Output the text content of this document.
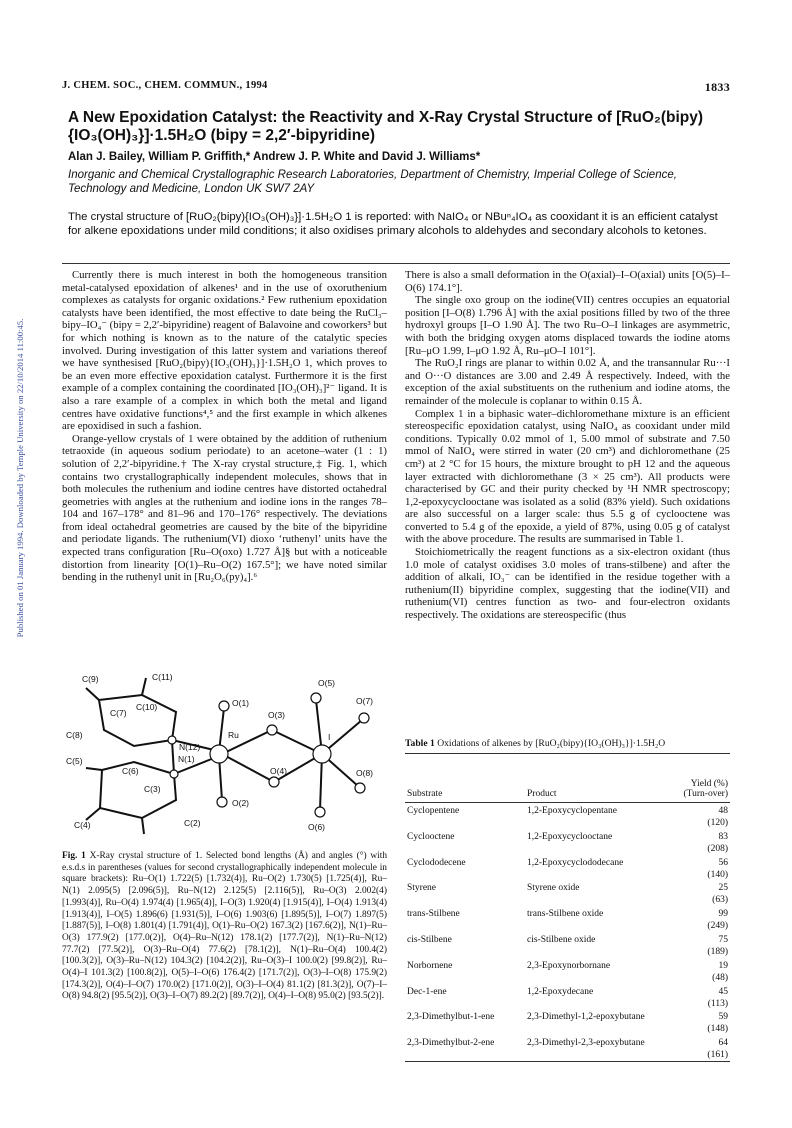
J. CHEM. SOC., CHEM. COMMUN., 1994	1833
A New Epoxidation Catalyst: the Reactivity and X-Ray Crystal Structure of [RuO₂(bipy){IO₃(OH)₃}]·1.5H₂O (bipy = 2,2′-bipyridine)
Alan J. Bailey, William P. Griffith,* Andrew J. P. White and David J. Williams*
Inorganic and Chemical Crystallographic Research Laboratories, Department of Chemistry, Imperial College of Science, Technology and Medicine, London UK SW7 2AY
The crystal structure of [RuO₂(bipy){IO₃(OH)₃}]·1.5H₂O 1 is reported: with NaIO₄ or NBuⁿ₄IO₄ as cooxidant it is an efficient catalyst for alkene epoxidations under mild conditions; it also oxidises primary alcohols to aldehydes and secondary alcohols to ketones.
Published on 01 January 1994. Downloaded by Temple University on 22/10/2014 11:00:45.

Currently there is much interest in both the homogeneous transition metal-catalysed epoxidation of alkenes¹ and in the use of oxoruthenium complexes as catalysts for organic oxidations.² Few ruthenium epoxidation catalysts have been identified, the most effective to date being the RuCl₃–bipy–IO₄⁻ (bipy = 2,2′-bipyridine) reagent of Balavoine and coworkers³ but for which nothing is known as to the nature of the catalytic species involved. During investigation of this latter system and variations thereof we have synthesised [RuO₂(bipy){IO₃(OH)₃}]·1.5H₂O 1, which proves to be an even more effective epoxidation catalyst. Furthermore it is the first example of a complex containing the coordinated [IO₃(OH)₃]²⁻ ligand. It is also a rare example of a complex in which both the metal and ligand centres have oxidative functions⁴,⁵ and the first example in which alkenes are epoxidised in such a fashion.

Orange-yellow crystals of 1 were obtained by the addition of ruthenium tetraoxide (in aqueous sodium periodate) to an acetone–water (1 : 1) solution of 2,2′-bipyridine.† The X-ray crystal structure,‡ Fig. 1, which contains two crystallographically independent molecules, shows that in both molecules the ruthenium and iodine centres have distorted octahedral geometries with angles at the ruthenium and iodine ions in the ranges 78–104 and 167–178° and 81–96 and 170–176° respectively. The deviations from ideal octahedral geometries are caused by the bite of the bipyridine and periodate ligands. The ruthenium(VI) dioxo ‘ruthenyl’ units have the expected trans configuration [Ru–O(oxo) 1.727 Å]§ but with a noticeable distortion from linearity [O(1)–Ru–O(2) 167.5°]; we have noted similar bending in the ruthenyl unit in [Ru₂O₆(py)₄].⁶

C(9)	C(11)
O(1)
C(7)
C(10)
O(3)
O(5)
O(7)
C(8)	Ru	I
N(12)
C(5)	N(1)
C(6)	O(4)	O(8)
C(3)
O(2)
C(4)	C(2)	O(6)
Fig. 1 X-Ray crystal structure of 1. Selected bond lengths (Å) and angles (°) with e.s.d.s in parentheses (values for second crystallographically independent molecule in square brackets): Ru–O(1) 1.722(5) [1.732(4)], Ru–O(2) 1.730(5) [1.725(4)], Ru–N(1) 2.095(5) [2.096(5)], Ru–N(12) 2.125(5) [2.116(5)], Ru–O(3) 2.002(4) [1.993(4)], Ru–O(4) 1.974(4) [1.965(4)], I–O(3) 1.920(4) [1.915(4)], I–O(4) 1.913(4) [1.913(4)], I–O(5) 1.896(6) [1.931(5)], I–O(6) 1.903(6) [1.895(5)], I–O(7) 1.897(5) [1.887(5)], I–O(8) 1.801(4) [1.791(4)], O(1)–Ru–O(2) 167.3(2) [167.6(2)], N(1)–Ru–O(3) 177.9(2) [177.0(2)], O(4)–Ru–N(12) 178.1(2) [177.7(2)], N(1)–Ru–N(12) 77.7(2) [77.5(2)], O(3)–Ru–O(4) 77.6(2) [78.1(2)], N(1)–Ru–O(4) 100.4(2) [100.3(2)], O(3)–Ru–N(12) 104.3(2) [104.2(2)], Ru–O(3)–I 100.0(2) [99.8(2)], Ru–O(4)–I 101.3(2) [100.8(2)], O(5)–I–O(6) 176.4(2) [171.7(2)], O(3)–I–O(8) 175.9(2) [174.3(2)], O(4)–I–O(7) 170.0(2) [171.0(2)], O(3)–I–O(4) 81.1(2) [81.3(2)], O(7)–I–O(8) 94.8(2) [95.5(2)], O(3)–I–O(7) 89.2(2) [89.7(2)], O(4)–I–O(8) 95.0(2) [93.5(2)].

There is also a small deformation in the O(axial)–I–O(axial) units [O(5)–I–O(6) 174.1°].

The single oxo group on the iodine(VII) centres occupies an equatorial position [I–O(8) 1.796 Å] with the axial positions filled by two of the three hydroxyl groups [I–O 1.90 Å]. The two Ru–O–I linkages are asymmetric, with both the bridging oxygen atoms displaced towards the iodine atoms [Ru–μO 1.99, I–μO 1.92 Å, Ru–μO–I 101°].

The RuO₂I rings are planar to within 0.02 Å, and the transannular Ru···I and O···O distances are 3.00 and 2.49 Å respectively. Indeed, with the exception of the axial substituents on the ruthenium and iodine atoms, the remainder of the molecule is coplanar to within 0.15 Å.

Complex 1 in a biphasic water–dichloromethane mixture is an efficient stereospecific epoxidation catalyst, using NaIO₄ as cooxidant under mild conditions. Typically 0.02 mmol of 1, 5.00 mmol of substrate and 7.50 mmol of NaIO₄ were stirred in water (20 cm³) and dichloromethane (25 cm³) at 2 °C for 15 hours, the mixture brought to pH 12 and the aqueous layer extracted with dichloromethane (3 × 25 cm³). All products were characterised by GC and their purity checked by ¹H NMR spectroscopy; 1,2-epoxycyclooctane was isolated as a solid (83% yield). Such oxidations are also successful on a larger scale: thus 5.5 g of cyclooctene was converted to 5.4 g of the epoxide, a yield of 87%, using 0.05 g of catalyst with the above procedure. The results are summarised in Table 1.

Stoichiometrically the reagent functions as a six-electron oxidant (thus 1.0 mole of catalyst oxidises 3.0 moles of trans-stilbene) and after the addition of alkali, IO₃⁻ can be identified in the residue together with a ruthenium(II) bipyridine complex, suggesting that the iodine(VII) and ruthenium(VI) centres function as two- and four-electron oxidants respectively. The oxidations are stereospecific (thus

Table 1 Oxidations of alkenes by [RuO₂(bipy){IO₃(OH)₃}]·1.5H₂O
Substrate	Product
Yield (%) (Turn-over)
Cyclopentene	1,2-Epoxycyclopentane	48
(120)
Cyclooctene	1,2-Epoxycyclooctane	83
(208)
Cyclododecene	1,2-Epoxycyclododecane	56
(140)
Styrene	Styrene oxide	25
(63)
trans-Stilbene	trans-Stilbene oxide	99
(249)
cis-Stilbene	cis-Stilbene oxide	75
(189)
Norbornene	2,3-Epoxynorbornane	19
(48)
Dec-1-ene	1,2-Epoxydecane	45
(113)
2,3-Dimethylbut-1-ene	2,3-Dimethyl-1,2-epoxybutane	59
(148)
2,3-Dimethylbut-2-ene	2,3-Dimethyl-2,3-epoxybutane	64
(161)
